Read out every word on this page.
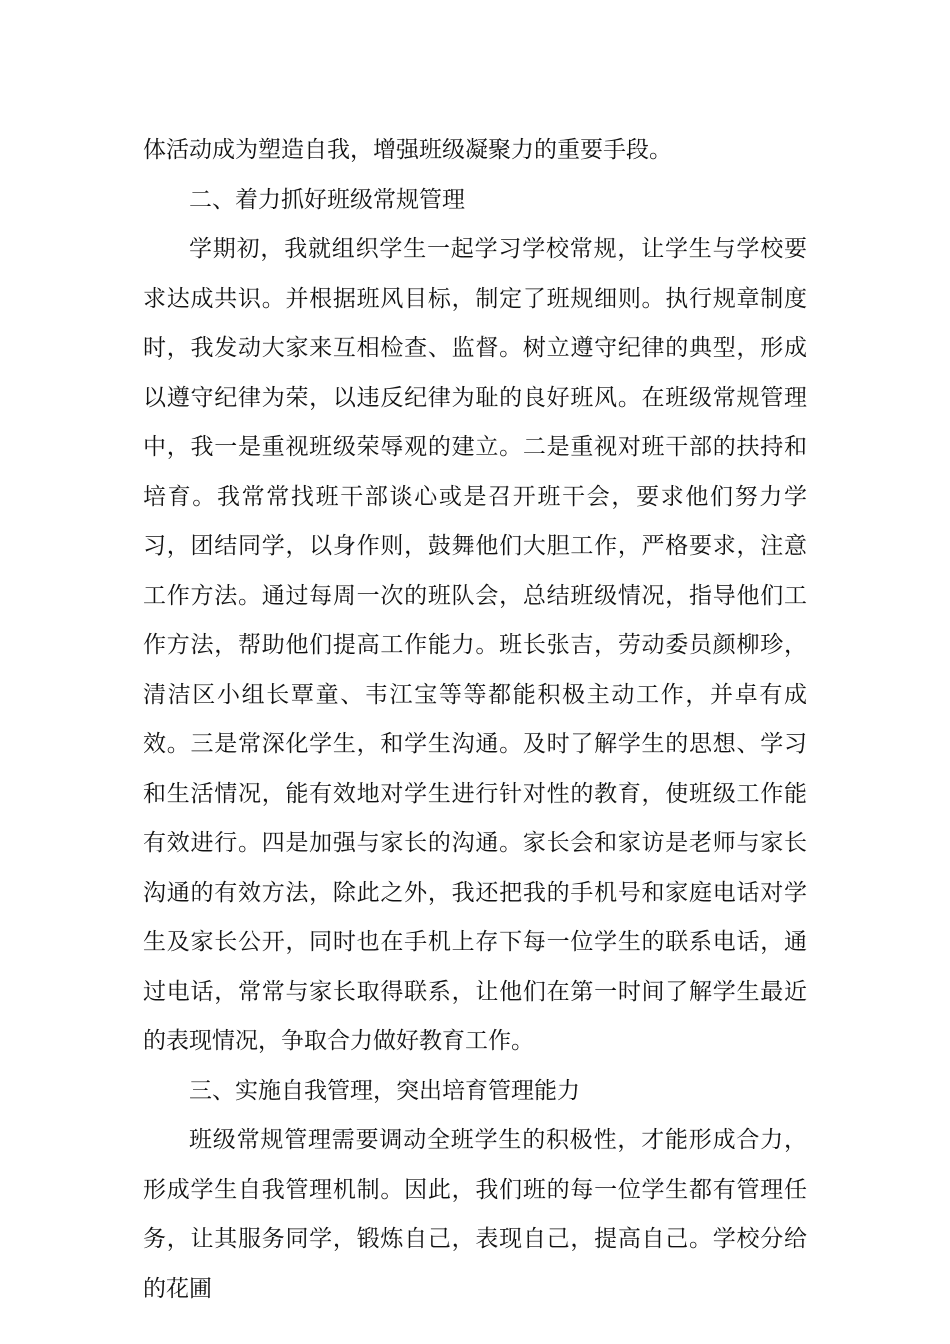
体活动成为塑造自我，增强班级凝聚力的重要手段。

二、着力抓好班级常规管理

学期初，我就组织学生一起学习学校常规，让学生与学校要求达成共识。并根据班风目标，制定了班规细则。执行规章制度时，我发动大家来互相检查、监督。树立遵守纪律的典型，形成以遵守纪律为荣，以违反纪律为耻的良好班风。在班级常规管理中，我一是重视班级荣辱观的建立。二是重视对班干部的扶持和培育。我常常找班干部谈心或是召开班干会，要求他们努力学习，团结同学，以身作则，鼓舞他们大胆工作，严格要求，注意工作方法。通过每周一次的班队会，总结班级情况，指导他们工作方法，帮助他们提高工作能力。班长张吉，劳动委员颜柳珍，清洁区小组长覃童、韦江宝等等都能积极主动工作，并卓有成效。三是常深化学生，和学生沟通。及时了解学生的思想、学习和生活情况，能有效地对学生进行针对性的教育，使班级工作能有效进行。四是加强与家长的沟通。家长会和家访是老师与家长沟通的有效方法，除此之外，我还把我的手机号和家庭电话对学生及家长公开，同时也在手机上存下每一位学生的联系电话，通过电话，常常与家长取得联系，让他们在第一时间了解学生最近的表现情况，争取合力做好教育工作。

三、实施自我管理，突出培育管理能力

班级常规管理需要调动全班学生的积极性，才能形成合力，形成学生自我管理机制。因此，我们班的每一位学生都有管理任务，让其服务同学，锻炼自己，表现自己，提高自己。学校分给的花圃
